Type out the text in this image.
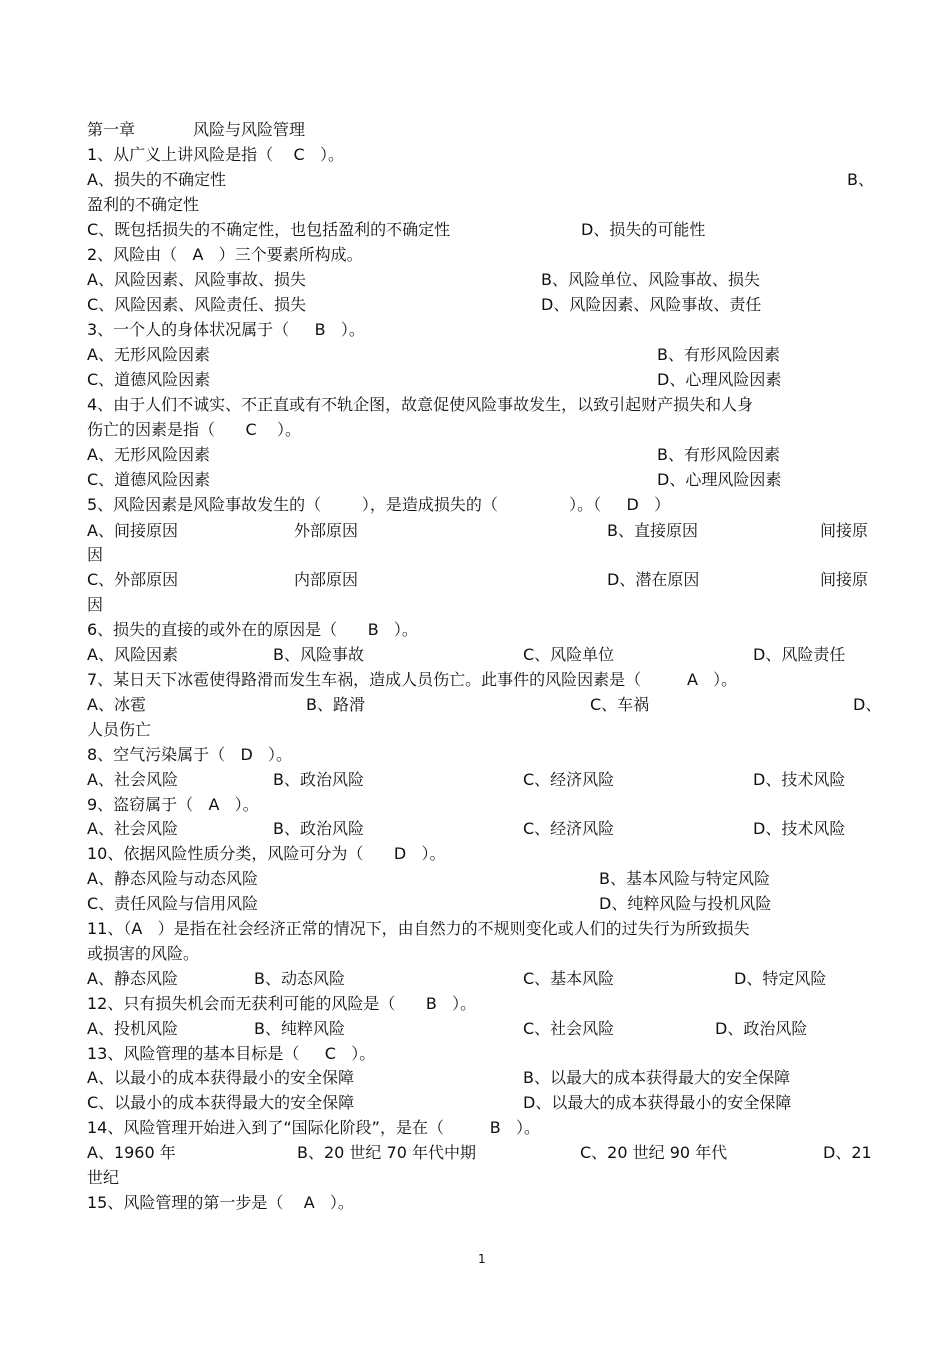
第一章	风险与风险管理
1、从广义上讲风险是指（    C   ）。
A、损失的不确定性	B、
盈利的不确定性
C、既包括损失的不确定性，也包括盈利的不确定性	D、损失的可能性
2、风险由（   A   ）三个要素所构成。
A、风险因素、风险事故、损失	B、风险单位、风险事故、损失
C、风险因素、风险责任、损失	D、风险因素、风险事故、责任
3、一个人的身体状况属于（     B   ）。
A、无形风险因素	B、有形风险因素
C、道德风险因素	D、心理风险因素
4、由于人们不诚实、不正直或有不轨企图，故意促使风险事故发生，以致引起财产损失和人身
伤亡的因素是指（      C    ）。
A、无形风险因素	B、有形风险因素
C、道德风险因素	D、心理风险因素
5、风险因素是风险事故发生的（        ），是造成损失的（              ）。（     D   ）
A、间接原因	外部原因	B、直接原因	间接原
因
C、外部原因	内部原因	D、潜在原因	间接原
因
6、损失的直接的或外在的原因是（      B   ）。
A、风险因素	B、风险事故	C、风险单位	D、风险责任
7、某日天下冰雹使得路滑而发生车祸，造成人员伤亡。此事件的风险因素是（         A   ）。
A、冰雹	B、路滑	C、车祸	D、
人员伤亡
8、空气污染属于（   D   ）。
A、社会风险	B、政治风险	C、经济风险	D、技术风险
9、盗窃属于（   A   ）。
A、社会风险	B、政治风险	C、经济风险	D、技术风险
10、依据风险性质分类，风险可分为（      D   ）。
A、静态风险与动态风险	B、基本风险与特定风险
C、责任风险与信用风险	D、纯粹风险与投机风险
11、（A   ）是指在社会经济正常的情况下，由自然力的不规则变化或人们的过失行为所致损失
或损害的风险。
A、静态风险	B、动态风险	C、基本风险	D、特定风险
12、只有损失机会而无获利可能的风险是（      B   ）。
A、投机风险	B、纯粹风险	C、社会风险	D、政治风险
13、风险管理的基本目标是（     C   ）。
A、以最小的成本获得最小的安全保障	B、以最大的成本获得最大的安全保障
C、以最小的成本获得最大的安全保障	D、以最大的成本获得最小的安全保障
14、风险管理开始进入到了“国际化阶段”，是在（         B   ）。
A、1960 年	B、20 世纪 70 年代中期	C、20 世纪 90 年代	D、21
世纪
15、风险管理的第一步是（    A   ）。
1
